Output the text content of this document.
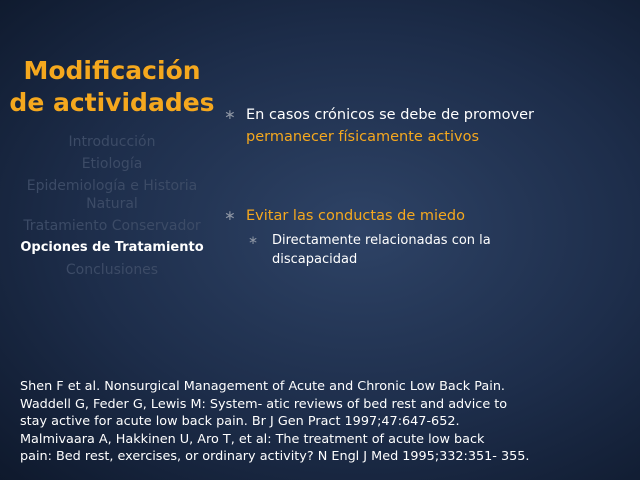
Modificación
de actividades
Introducción
Etiología
Epidemiología e Historia
Natural
Tratamiento Conservador
Opciones de Tratamiento
Conclusiones
∗ En casos crónicos se debe de promover
permanecer físicamente activos
∗ Evitar las conductas de miedo
∗	Directamente relacionadas con la
discapacidad
Shen F et al. Nonsurgical Management of Acute and Chronic Low Back Pain.
Waddell G, Feder G, Lewis M: System- atic reviews of bed rest and advice to
stay active for acute low back pain. Br J Gen Pract 1997;47:647-652.
Malmivaara A, Hakkinen U, Aro T, et al: The treatment of acute low back
pain: Bed rest, exercises, or ordinary activity? N Engl J Med 1995;332:351- 355.
